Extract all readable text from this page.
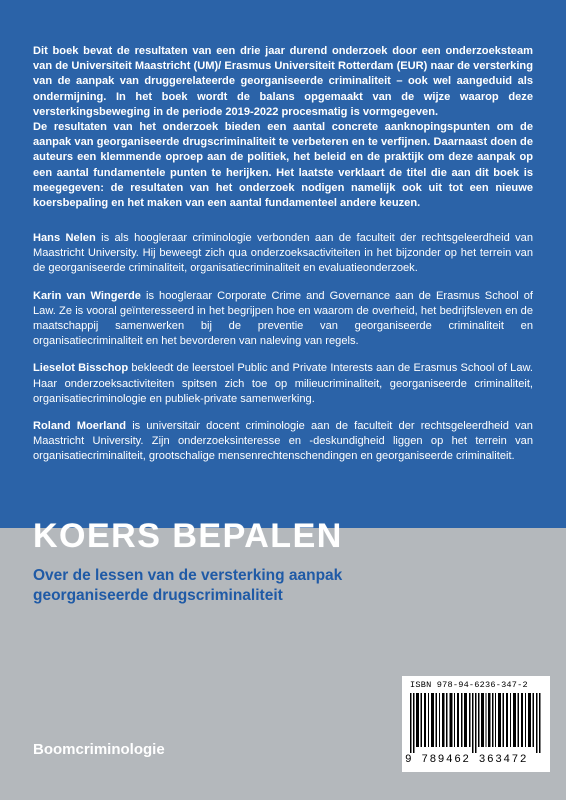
Dit boek bevat de resultaten van een drie jaar durend onderzoek door een onderzoeksteam van de Universiteit Maastricht (UM)/ Erasmus Universiteit Rotterdam (EUR) naar de versterking van de aanpak van druggerelateerde georganiseerde criminaliteit – ook wel aangeduid als ondermijning. In het boek wordt de balans opgemaakt van de wijze waarop deze versterkingsbeweging in de periode 2019-2022 procesmatig is vormgegeven.

De resultaten van het onderzoek bieden een aantal concrete aanknopingspunten om de aanpak van georganiseerde drugscriminaliteit te verbeteren en te verfijnen. Daarnaast doen de auteurs een klemmende oproep aan de politiek, het beleid en de praktijk om deze aanpak op een aantal fundamentele punten te herijken. Het laatste verklaart de titel die aan dit boek is meegegeven: de resultaten van het onderzoek nodigen namelijk ook uit tot een nieuwe koersbepaling en het maken van een aantal fundamenteel andere keuzen.

Hans Nelen is als hoogleraar criminologie verbonden aan de faculteit der rechtsgeleerdheid van Maastricht University. Hij beweegt zich qua onderzoeksactiviteiten in het bijzonder op het terrein van de georganiseerde criminaliteit, organisatiecriminaliteit en evaluatieonderzoek.

Karin van Wingerde is hoogleraar Corporate Crime and Governance aan de Erasmus School of Law. Ze is vooral geïnteresseerd in het begrijpen hoe en waarom de overheid, het bedrijfsleven en de maatschappij samenwerken bij de preventie van georganiseerde criminaliteit en organisatiecriminaliteit en het bevorderen van naleving van regels.

Lieselot Bisschop bekleedt de leerstoel Public and Private Interests aan de Erasmus School of Law. Haar onderzoeksactiviteiten spitsen zich toe op milieucriminaliteit, georganiseerde criminaliteit, organisatiecriminologie en publiek-private samenwerking.

Roland Moerland is universitair docent criminologie aan de faculteit der rechtsgeleerdheid van Maastricht University. Zijn onderzoeksinteresse en -deskundigheid liggen op het terrein van organisatiecriminaliteit, grootschalige mensenrechtenschendingen en georganiseerde criminaliteit.

KOERS BEPALEN
Over de lessen van de versterking aanpak georganiseerde drugscriminaliteit
Boomcriminologie
ISBN 978-94-6236-347-2
9 789462 363472
